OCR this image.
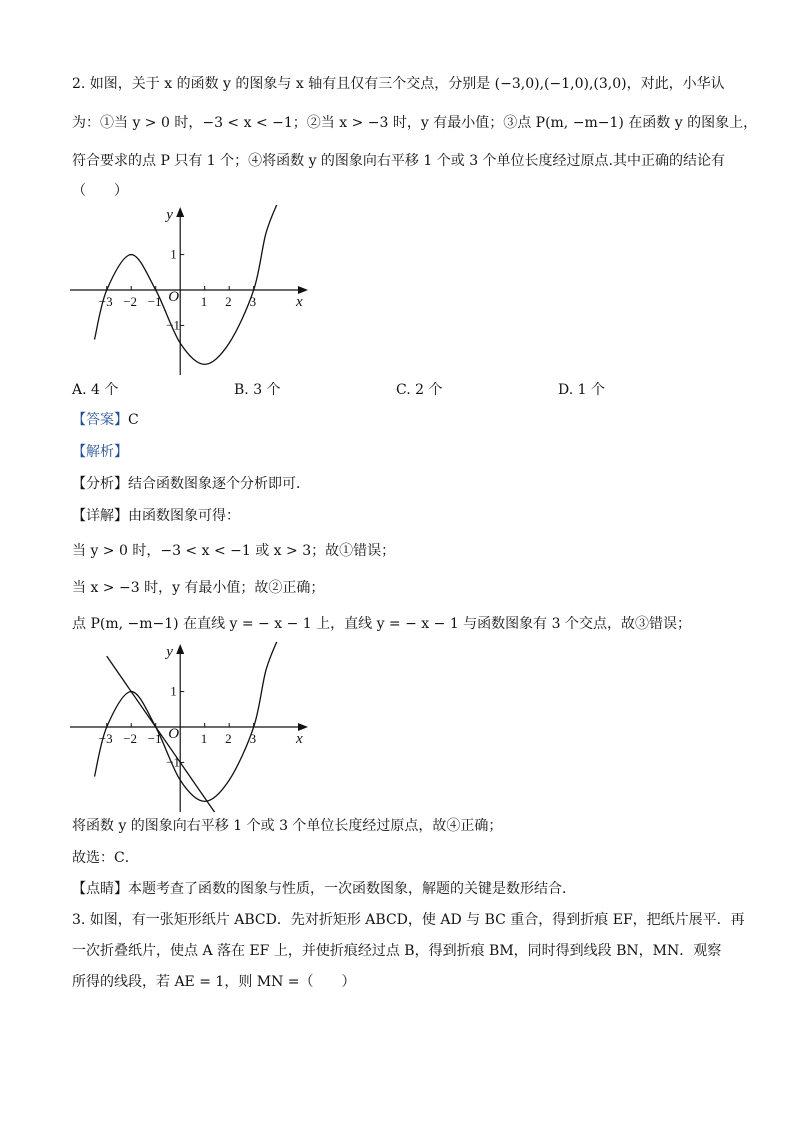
2. 如图，关于 x 的函数 y 的图象与 x 轴有且仅有三个交点，分别是 (−3,0),(−1,0),(3,0)，对此，小华认
为：①当 y > 0 时，−3 < x < −1；②当 x > −3 时，y 有最小值；③点 P(m, −m−1) 在函数 y 的图象上，
符合要求的点 P 只有 1 个；④将函数 y 的图象向右平移 1 个或 3 个单位长度经过原点.其中正确的结论有
（　　）
x
y
O
−3 −2 −1	1 2 3
1
−1
A. 4 个	B. 3 个	C. 2 个	D. 1 个
【答案】C
【解析】
【分析】结合函数图象逐个分析即可．
【详解】由函数图象可得：
当 y > 0 时，−3 < x < −1 或 x > 3；故①错误；
当 x > −3 时，y 有最小值；故②正确；
点 P(m, −m−1) 在直线 y = − x − 1 上，直线 y = − x − 1 与函数图象有 3 个交点，故③错误；
x
y
O
−3 −2 −1	1 2 3
1
−1
将函数 y 的图象向右平移 1 个或 3 个单位长度经过原点，故④正确；
故选：C．
【点睛】本题考查了函数的图象与性质，一次函数图象，解题的关键是数形结合．
3. 如图，有一张矩形纸片 ABCD．先对折矩形 ABCD，使 AD 与 BC 重合，得到折痕 EF，把纸片展平．再
一次折叠纸片，使点 A 落在 EF 上，并使折痕经过点 B，得到折痕 BM，同时得到线段 BN，MN．观察
所得的线段，若 AE = 1，则 MN =（　　）
